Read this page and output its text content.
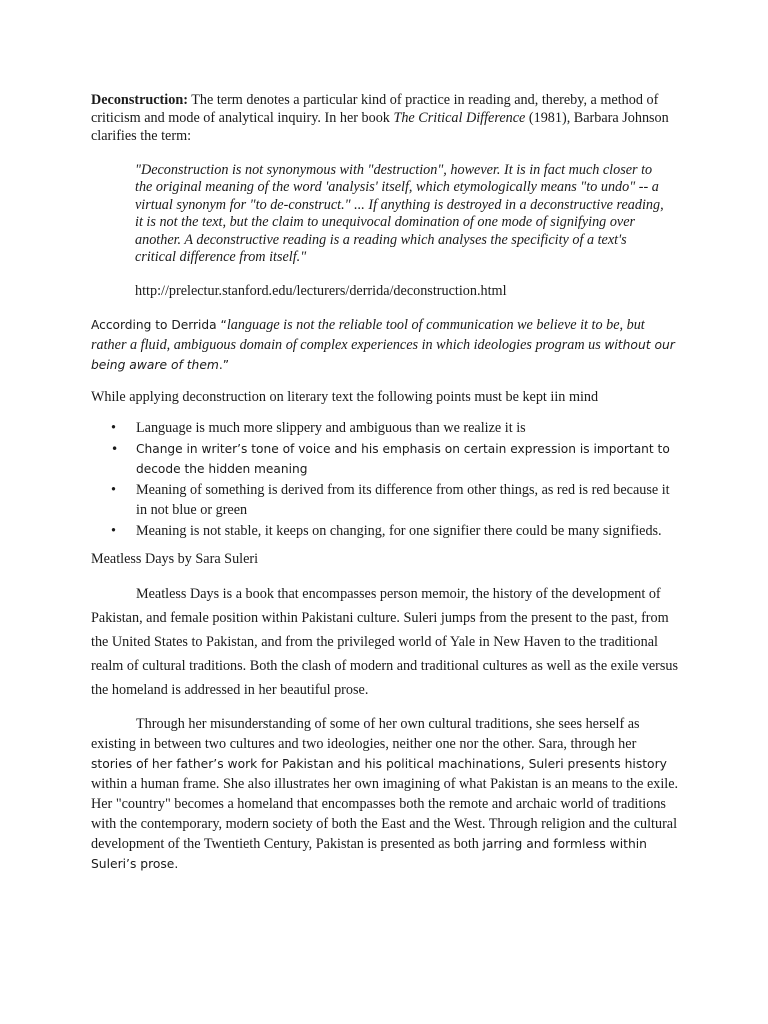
Deconstruction: The term denotes a particular kind of practice in reading and, thereby, a method of criticism and mode of analytical inquiry. In her book The Critical Difference (1981), Barbara Johnson clarifies the term:

"Deconstruction is not synonymous with "destruction", however. It is in fact much closer to the original meaning of the word 'analysis' itself, which etymologically means "to undo" -- a virtual synonym for "to de-construct." ... If anything is destroyed in a deconstructive reading, it is not the text, but the claim to unequivocal domination of one mode of signifying over another. A deconstructive reading is a reading which analyses the specificity of a text's critical difference from itself."

http://prelectur.stanford.edu/lecturers/derrida/deconstruction.html

According to Derrida “language is not the reliable tool of communication we believe it to be, but rather a fluid, ambiguous domain of complex experiences in which ideologies program us without our being aware of them.”

While applying deconstruction on literary text the following points must be kept iin mind

•	Language is much more slippery and ambiguous than we realize it is
• Change in writer’s tone of voice and his emphasis on certain expression is important to decode the hidden meaning
•	Meaning of something is derived from its difference from other things, as red is red because it in not blue or green
•	Meaning is not stable, it keeps on changing, for one signifier there could be many signifieds.

Meatless Days by Sara Suleri

Meatless Days is a book that encompasses person memoir, the history of the development of Pakistan, and female position within Pakistani culture. Suleri jumps from the present to the past, from the United States to Pakistan, and from the privileged world of Yale in New Haven to the traditional realm of cultural traditions. Both the clash of modern and traditional cultures as well as the exile versus the homeland is addressed in her beautiful prose.

Through her misunderstanding of some of her own cultural traditions, she sees herself as existing in between two cultures and two ideologies, neither one nor the other. Sara, through her stories of her father’s work for Pakistan and his political machinations, Suleri presents history within a human frame. She also illustrates her own imagining of what Pakistan is an means to the exile. Her "country" becomes a homeland that encompasses both the remote and archaic world of traditions with the contemporary, modern society of both the East and the West. Through religion and the cultural development of the Twentieth Century, Pakistan is presented as both jarring and formless within Suleri’s prose.
